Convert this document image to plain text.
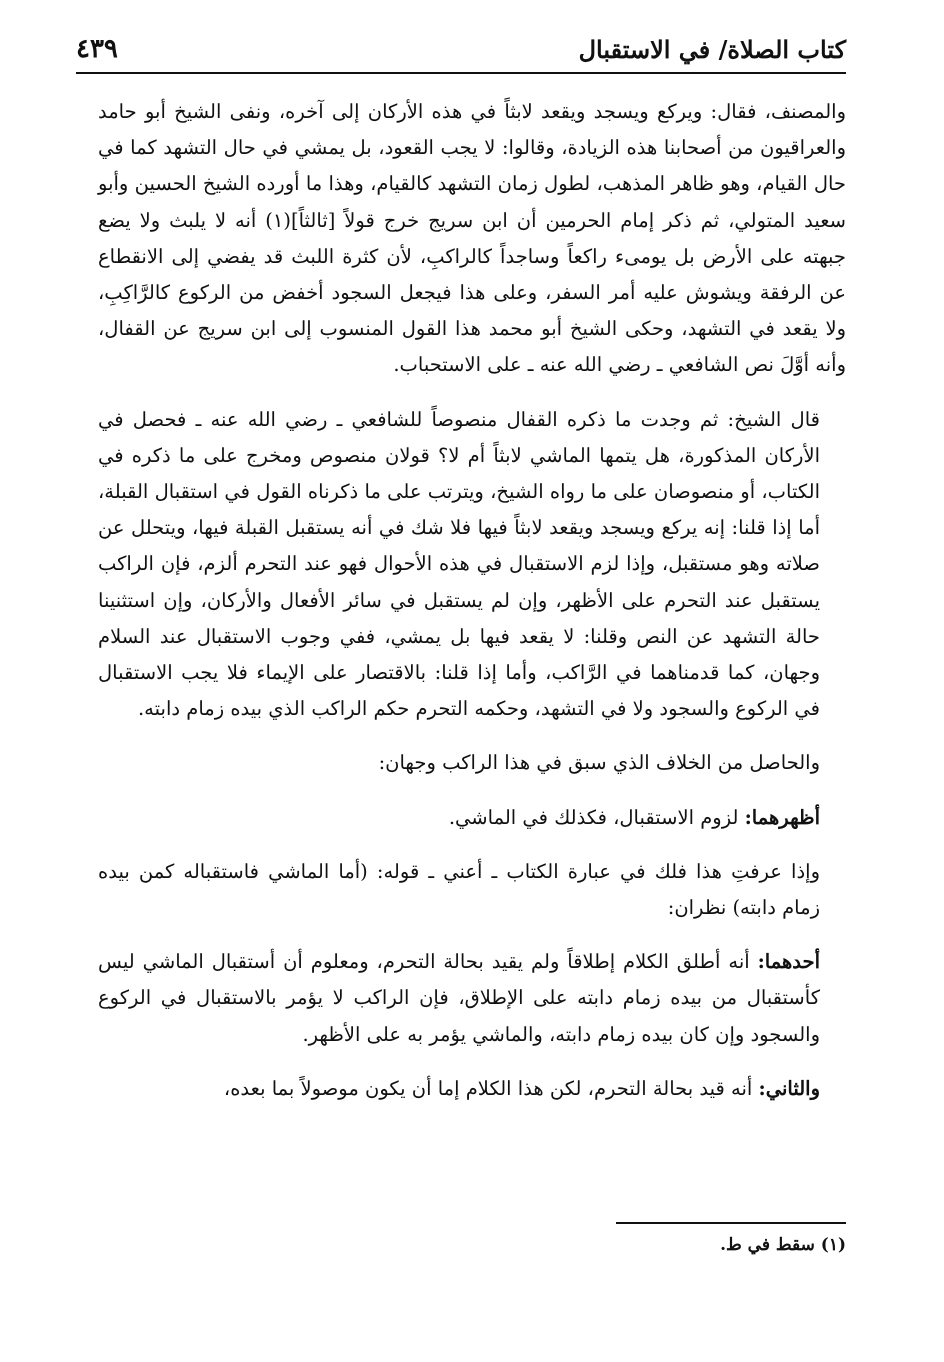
كتاب الصلاة/ في الاستقبال
٤٣٩

والمصنف، فقال: ويركع ويسجد ويقعد لابثاً في هذه الأركان إلى آخره، ونفى الشيخ أبو حامد والعراقيون من أصحابنا هذه الزيادة، وقالوا: لا يجب القعود، بل يمشي في حال التشهد كما في حال القيام، وهو ظاهر المذهب، لطول زمان التشهد كالقيام، وهذا ما أورده الشيخ الحسين وأبو سعيد المتولي، ثم ذكر إمام الحرمين أن ابن سريج خرج قولاً [ثالثاً](١) أنه لا يلبث ولا يضع جبهته على الأرض بل يومىء راكعاً وساجداً كالراكبِ، لأن كثرة اللبث قد يفضي إلى الانقطاع عن الرفقة ويشوش عليه أمر السفر، وعلى هذا فيجعل السجود أخفض من الركوع كالرَّاكِبِ، ولا يقعد في التشهد، وحكى الشيخ أبو محمد هذا القول المنسوب إلى ابن سريج عن القفال، وأنه أوَّلَ نص الشافعي ـ رضي الله عنه ـ على الاستحباب.

قال الشيخ: ثم وجدت ما ذكره القفال منصوصاً للشافعي ـ رضي الله عنه ـ فحصل في الأركان المذكورة، هل يتمها الماشي لابثاً أم لا؟ قولان منصوص ومخرج على ما ذكره في الكتاب، أو منصوصان على ما رواه الشيخ، ويترتب على ما ذكرناه القول في استقبال القبلة، أما إذا قلنا: إنه يركع ويسجد ويقعد لابثاً فيها فلا شك في أنه يستقبل القبلة فيها، ويتحلل عن صلاته وهو مستقبل، وإذا لزم الاستقبال في هذه الأحوال فهو عند التحرم ألزم، فإن الراكب يستقبل عند التحرم على الأظهر، وإن لم يستقبل في سائر الأفعال والأركان، وإن استثنينا حالة التشهد عن النص وقلنا: لا يقعد فيها بل يمشي، ففي وجوب الاستقبال عند السلام وجهان، كما قدمناهما في الرَّاكب، وأما إذا قلنا: بالاقتصار على الإيماء فلا يجب الاستقبال في الركوع والسجود ولا في التشهد، وحكمه التحرم حكم الراكب الذي بيده زمام دابته.

والحاصل من الخلاف الذي سبق في هذا الراكب وجهان:

أظهرهما: لزوم الاستقبال، فكذلك في الماشي.

وإذا عرفتِ هذا فلك في عبارة الكتاب ـ أعني ـ قوله: (أما الماشي فاستقباله كمن بيده زمام دابته) نظران:

أحدهما: أنه أطلق الكلام إطلاقاً ولم يقيد بحالة التحرم، ومعلوم أن أستقبال الماشي ليس كأستقبال من بيده زمام دابته على الإطلاق، فإن الراكب لا يؤمر بالاستقبال في الركوع والسجود وإن كان بيده زمام دابته، والماشي يؤمر به على الأظهر.

والثاني: أنه قيد بحالة التحرم، لكن هذا الكلام إما أن يكون موصولاً بما بعده،

(١) سقط في ط.
